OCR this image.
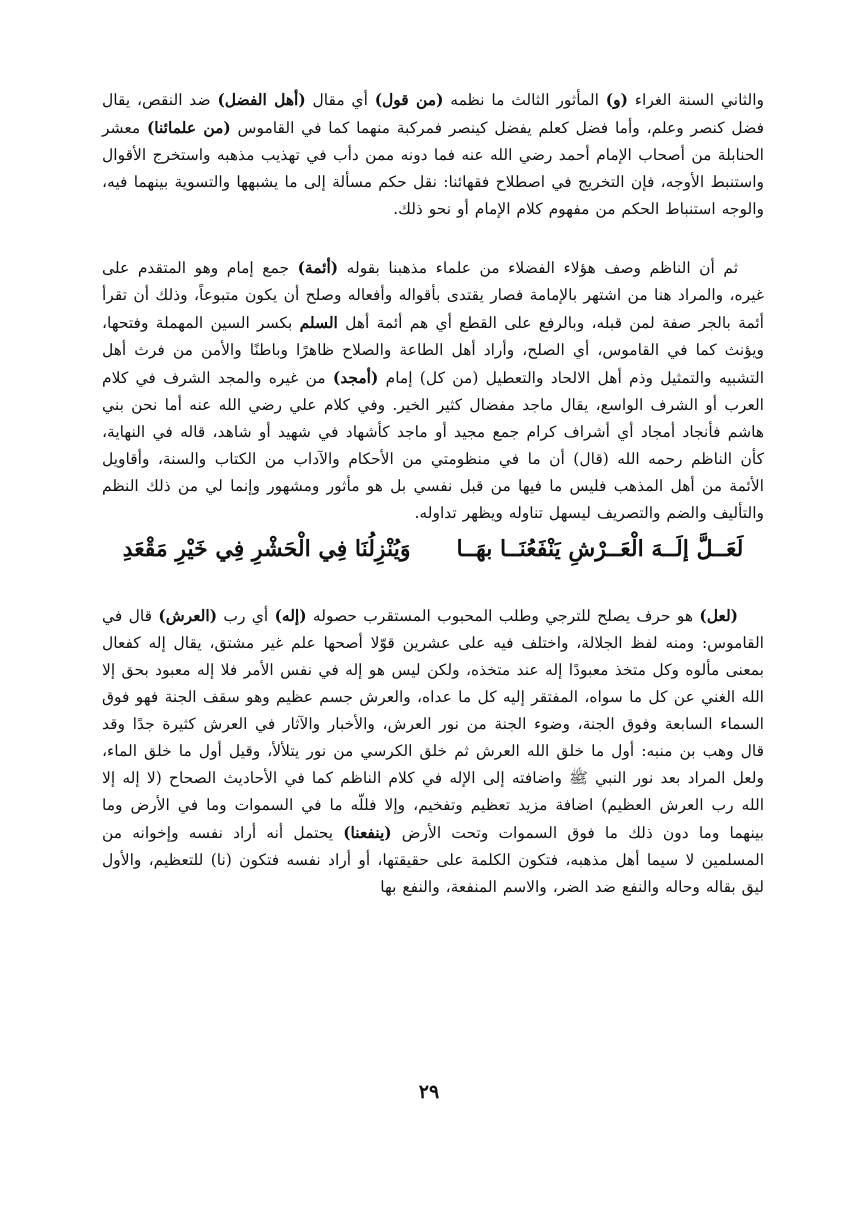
والثاني السنة الغراء (و) المأثور الثالث ما نظمه (من قول) أي مقال (أهل الفضل) ضد النقص، يقال فضل كنصر وعلم، وأما فضل كعلم يفضل كينصر فمركبة منهما كما في القاموس (من علمائنا) معشر الحنابلة من أصحاب الإمام أحمد رضي الله عنه فما دونه ممن دأب في تهذيب مذهبه واستخرج الأقوال واستنبط الأوجه، فإن التخريج في اصطلاح فقهائنا: نقل حكم مسألة إلى ما يشبهها والتسوية بينهما فيه، والوجه استنباط الحكم من مفهوم كلام الإمام أو نحو ذلك.

ثم أن الناظم وصف هؤلاء الفضلاء من علماء مذهبنا بقوله (أئمة) جمع إمام وهو المتقدم على غيره، والمراد هنا من اشتهر بالإمامة فصار يقتدى بأقواله وأفعاله وصلح أن يكون متبوعاً، وذلك أن تقرأ أئمة بالجر صفة لمن قبله، وبالرفع على القطع أي هم أئمة أهل السلم بكسر السين المهملة وفتحها، ويؤنث كما في القاموس، أي الصلح، وأراد أهل الطاعة والصلاح ظاهرًا وباطنًا والأمن من فرث أهل التشبيه والتمثيل وذم أهل الالحاد والتعطيل (من كل) إمام (أمجد) من غيره والمجد الشرف في كلام العرب أو الشرف الواسع، يقال ماجد مفضال كثير الخير. وفي كلام علي رضي الله عنه أما نحن بني هاشم فأنجاد أمجاد أي أشراف كرام جمع مجيد أو ماجد كأشهاد في شهيد أو شاهد، قاله في النهاية، كأن الناظم رحمه الله (قال) أن ما في منظومتي من الأحكام والآداب من الكتاب والسنة، وأقاويل الأئمة من أهل المذهب فليس ما فيها من قبل نفسي بل هو مأثور ومشهور وإنما لي من ذلك النظم والتأليف والضم والتصريف ليسهل تناوله ويظهر تداوله.

لَعَــلَّ إلَــهَ الْعَــرْشِ يَنْفَعُنَــا بهَــا
وَيُنْزِلُنَا فِي الْحَشْرِ فِي خَيْرِ مَقْعَدِ

(لعل) هو حرف يصلح للترجي وطلب المحبوب المستقرب حصوله (إله) أي رب (العرش) قال في القاموس: ومنه لفظ الجلالة، واختلف فيه على عشرين قوّلا أصحها علم غير مشتق، يقال إله كفعال بمعنى مألوه وكل متخذ معبودًا إله عند متخذه، ولكن ليس هو إله في نفس الأمر فلا إله معبود بحق إلا الله الغني عن كل ما سواه، المفتقر إليه كل ما عداه، والعرش جسم عظيم وهو سقف الجنة فهو فوق السماء السابعة وفوق الجنة، وضوء الجنة من نور العرش، والأخبار والآثار في العرش كثيرة جدًا وقد قال وهب بن منبه: أول ما خلق الله العرش ثم خلق الكرسي من نور يتلألأ، وقيل أول ما خلق الماء، ولعل المراد بعد نور النبي ﷺ واضافته إلى الإله في كلام الناظم كما في الأحاديث الصحاح (لا إله إلا الله رب العرش العظيم) اضافة مزيد تعظيم وتفخيم، وإلا فللّه ما في السموات وما في الأرض وما بينهما وما دون ذلك ما فوق السموات وتحت الأرض (ينفعنا) يحتمل أنه أراد نفسه وإخوانه من المسلمين لا سيما أهل مذهبه، فتكون الكلمة على حقيقتها، أو أراد نفسه فتكون (نا) للتعظيم، والأول ليق بقاله وحاله والنفع ضد الضر، والاسم المنفعة، والنفع بها

٢٩
